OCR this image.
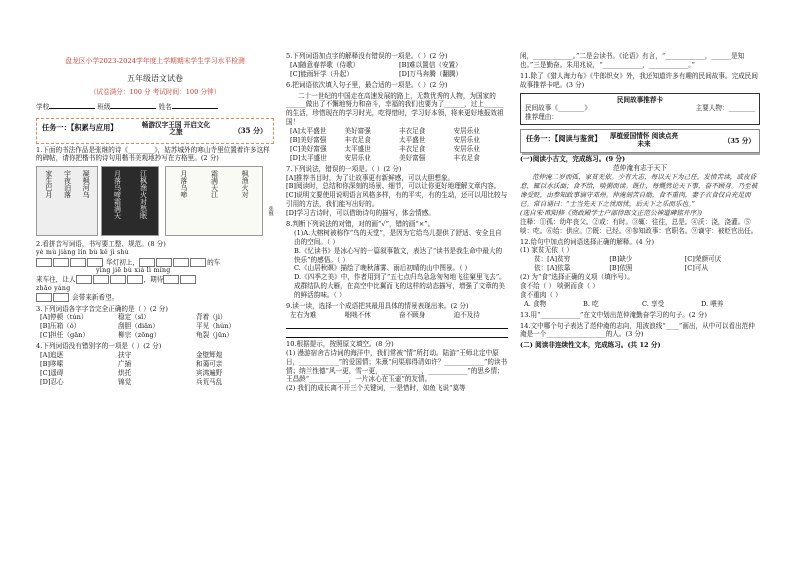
盘龙区小学2023-2024学年度上学期期末学生学习水平检测
五年级语文试卷
（试卷满分：100 分 考试时间：100 分钟）
学校	班级	姓名
任务一：【积累与应用】	畅游汉字王国 开启文化之旅	（35 分）

1.下面的书法作品是张继的诗《________》，姑苏城外的寒山寺里位置着许多这样的碑帖，请你把楷书的诗句用楷书美观地抄写在方格里。(2 分)

家生巴月 宇夜泊落 凝枫河乌	月落乌啼霜满天	江枫渔火对愁眠	月落乌啼	霜满天江	枫渔火对
张继

2.看拼音写词语，书写要工整、规范。(8 分)

yè mù jiàng lín bù kě jì shù
华灯初上，	的车
yìng jiē bù xiá lì míng
来车往，让人	，期待
zhāo yáng
会带来新希望。

3.下列词语各字字音完全正确的是（ ）(2 分)

[A]停顿（tún）	稳定（sǐ）	背着（jì）
[B]压箱（ǒ）	刮胆（diǎn）	平见（hún）
[C]担任（gān）	柳宗（zōng）	龟裂（jūn）

4.下列词语没有错别字的一项是（ ）(2 分)

[A]追逐	扶守	金壁辉煌
[B]哆嗦	广插	和蔼可亲
[C]遥碍	烘托	宾鸿遍野
[D]忍心	锦觉	兵荒马乱

5.下列词语加点字的解释没有错误的一项是。（ ）(2 分)

[A]随意春荐歌（侍歌）	[B]难以置信（安置）
[C]能雨轩学（升起）	[D]万马奔腾（翻腾）

6.把词语依次填入句子里，最合适的一项是。（ ）(2 分)

二十一世纪的中国走在高速发展的路上，无数优秀的人物，为国家的______做出了不懈地努力和奋斗，幸福的我们也要为了______，过上______的生活，珍惜现在的学习时光，吃得惜时，学习好本领，将来更好地报效祖国！

[A]太平盛世	美好富强	丰衣足食	安居乐业
[B]美好富强	丰衣足食	太平盛世	安居乐业
[C]美好富强	太平盛世	丰衣足食	安居乐业
[D]太平盛世	安居乐业	美好富强	丰衣足食

7.下列说法，错误的一项是。（ ）(2 分)

[A]推荐书目时，为了让故事更有新鲜感，可以大胆想象。
[B]阅读时，总结和你深刻的场景、细节，可以让你更好地理解文章内容。
[C]说明文要使用说明语言风格多样，有的平实，有的生动，还可以用比较与引用的方法，我们能写出好的。
[D]学习古诗时，可以借助诗句的描写，体会情感。

8.判断下列说法的对错，对的画“√”，错的画“×”。

(1)A.大榕树被称作“鸟的天堂”，是因为它给鸟儿提供了舒适、安全且自由的空间。（ ）
B.《忆读书》是冰心写的一篇叙事散文，表达了“读书是我生命中最大的快乐”的感悟。（ ）
C.《山居秋暝》描绘了晚秋薄雾、雨后初晴的山中图景。（ ）
D.《四季之美》中，作者用到了“五七点归鸟急急匆匆地飞往窠里飞去”。成群结队的大雁，在高空中比翼而飞的这样的动态描写，增强了文章的美的鲜活韵味。（ ）

9.读一读，选择一个成语把其最用具体的情景表现出来。(2 分)

左右为难	咄咄不休	奋不顾身	迫不及待

10.根据提示，按照原文填空。(8 分)

(1) 漫游宿舍古诗词的海洋中，我们常被“情”所打动。陆游“王师北定中原日，____________”的爱国情；朱熹“问渠那得清如许？____________”的读书情；纳兰性德“风一更，雪一更，____________，____________”的思乡情；王昌龄“____________，一片冰心在玉壶”的友情。
(2) 我们的成长离不开三个关键词，一是惜时，如鱼飞说“莫等

闲，____________。”二是会读书。《论语》有言，“____________，______是知也。”三是勤奋。朱用兆说，“____________，____________。”

11.除了《猎人海力布》《牛郎织女》外，我还知道许多有趣的民间故事。完成民间故事推荐卡吧。(3 分)

民间故事推荐卡
民间故事《________》	主要人物：________
推荐理由：
任务一：【阅读与鉴赏】 厚植爱国情怀 阅读点亮未来	（35 分）

(一)阅读小古文，完成练习。(9 分)

范仲淹有志于天下
范仲淹二岁而孤，家贫无依。少有大志，每以天下为己任，发愤苦读，或夜昏怠，辄以水沃面；食不给，啖粥而读。既仕，每慨然论天下事，奋不顾身。乃至被谗受贬，由参知政事谪守邓州。仲淹刻苦自励，食不重肉，妻子衣食仅自充足而已。常自诵曰：“士当先天下之忧而忧，后天下之乐而乐也。”
(选自宋·欧阳修《资政殿学士户部侍郎文正范公神道碑铭并序》)
注释：①孤：幼年丧父。②或：有时。③辄：往往，总是。④沃：浇，浇灌。⑤啖：吃。⑥给：供应。⑦既：已经。⑧参知政事：官职名。⑨谪守：被贬官出任。

12.给句中加点的词语选择正确的解释。(4 分)

(1) 家贫无依（ ）
贫：[A]贫穷	[B]缺少	[C]荣颜可厌
依：[A]依靠	[B]依照	[C]可从
(2) 为“食”选择正确的义项（填序号）。
食不给（ ） 啖粥而食（ ）
食不重肉（ ）
A. 食物	B. 吃	C. 享受	D. 喂养

13.用“____________”在文中划出范仲淹勤奋学习的句子。(2 分)

14.文中哪个句子表达了范仲淹的志向，用波浪线“____”画出，从中可以看出范仲淹是一个__________________的人。(3 分)

(二) 阅读非连续性文本，完成练习。(共 12 分)
